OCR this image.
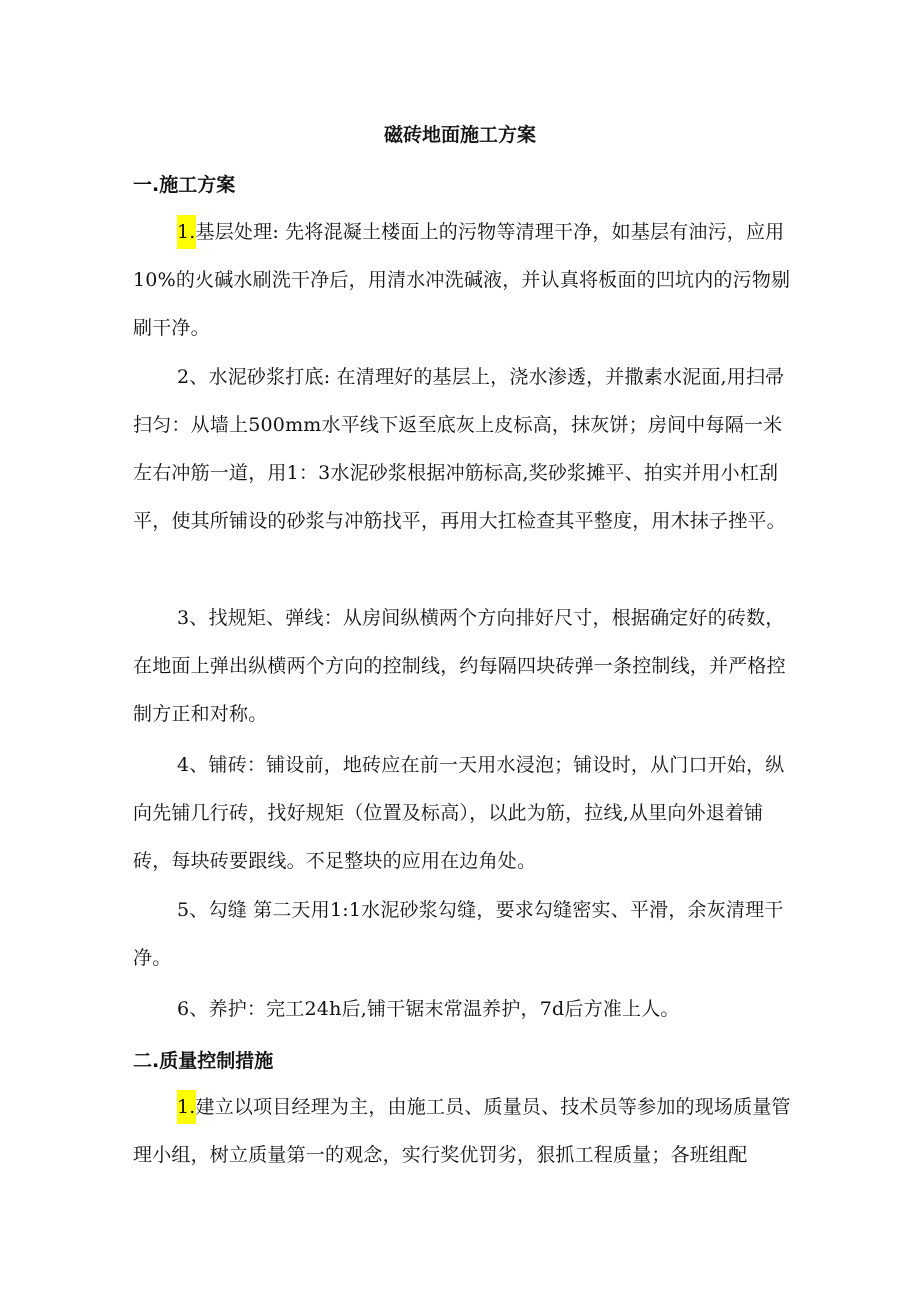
磁砖地面施工方案
一.施工方案

1.基层处理: 先将混凝土楼面上的污物等清理干净，如基层有油污，应用10%的火碱水刷洗干净后，用清水冲洗碱液，并认真将板面的凹坑内的污物剔刷干净。

2、水泥砂浆打底: 在清理好的基层上，浇水渗透，并撒素水泥面,用扫帚扫匀：从墙上500mm水平线下返至底灰上皮标高，抹灰饼；房间中每隔一米左右冲筋一道，用1：3水泥砂浆根据冲筋标高,奖砂浆摊平、拍实并用小杠刮平，使其所铺设的砂浆与冲筋找平，再用大扛检查其平整度，用木抹子挫平。

3、找规矩、弹线：从房间纵横两个方向排好尺寸，根据确定好的砖数，在地面上弹出纵横两个方向的控制线，约每隔四块砖弹一条控制线，并严格控制方正和对称。

4、铺砖：铺设前，地砖应在前一天用水浸泡；铺设时，从门口开始，纵向先铺几行砖，找好规矩（位置及标高），以此为筋，拉线,从里向外退着铺砖，每块砖要跟线。不足整块的应用在边角处。

5、勾缝 第二天用1:1水泥砂浆勾缝，要求勾缝密实、平滑，余灰清理干净。

6、养护：完工24h后,铺干锯末常温养护，7d后方准上人。

二.质量控制措施

1.建立以项目经理为主，由施工员、质量员、技术员等参加的现场质量管理小组，树立质量第一的观念，实行奖优罚劣，狠抓工程质量；各班组配
